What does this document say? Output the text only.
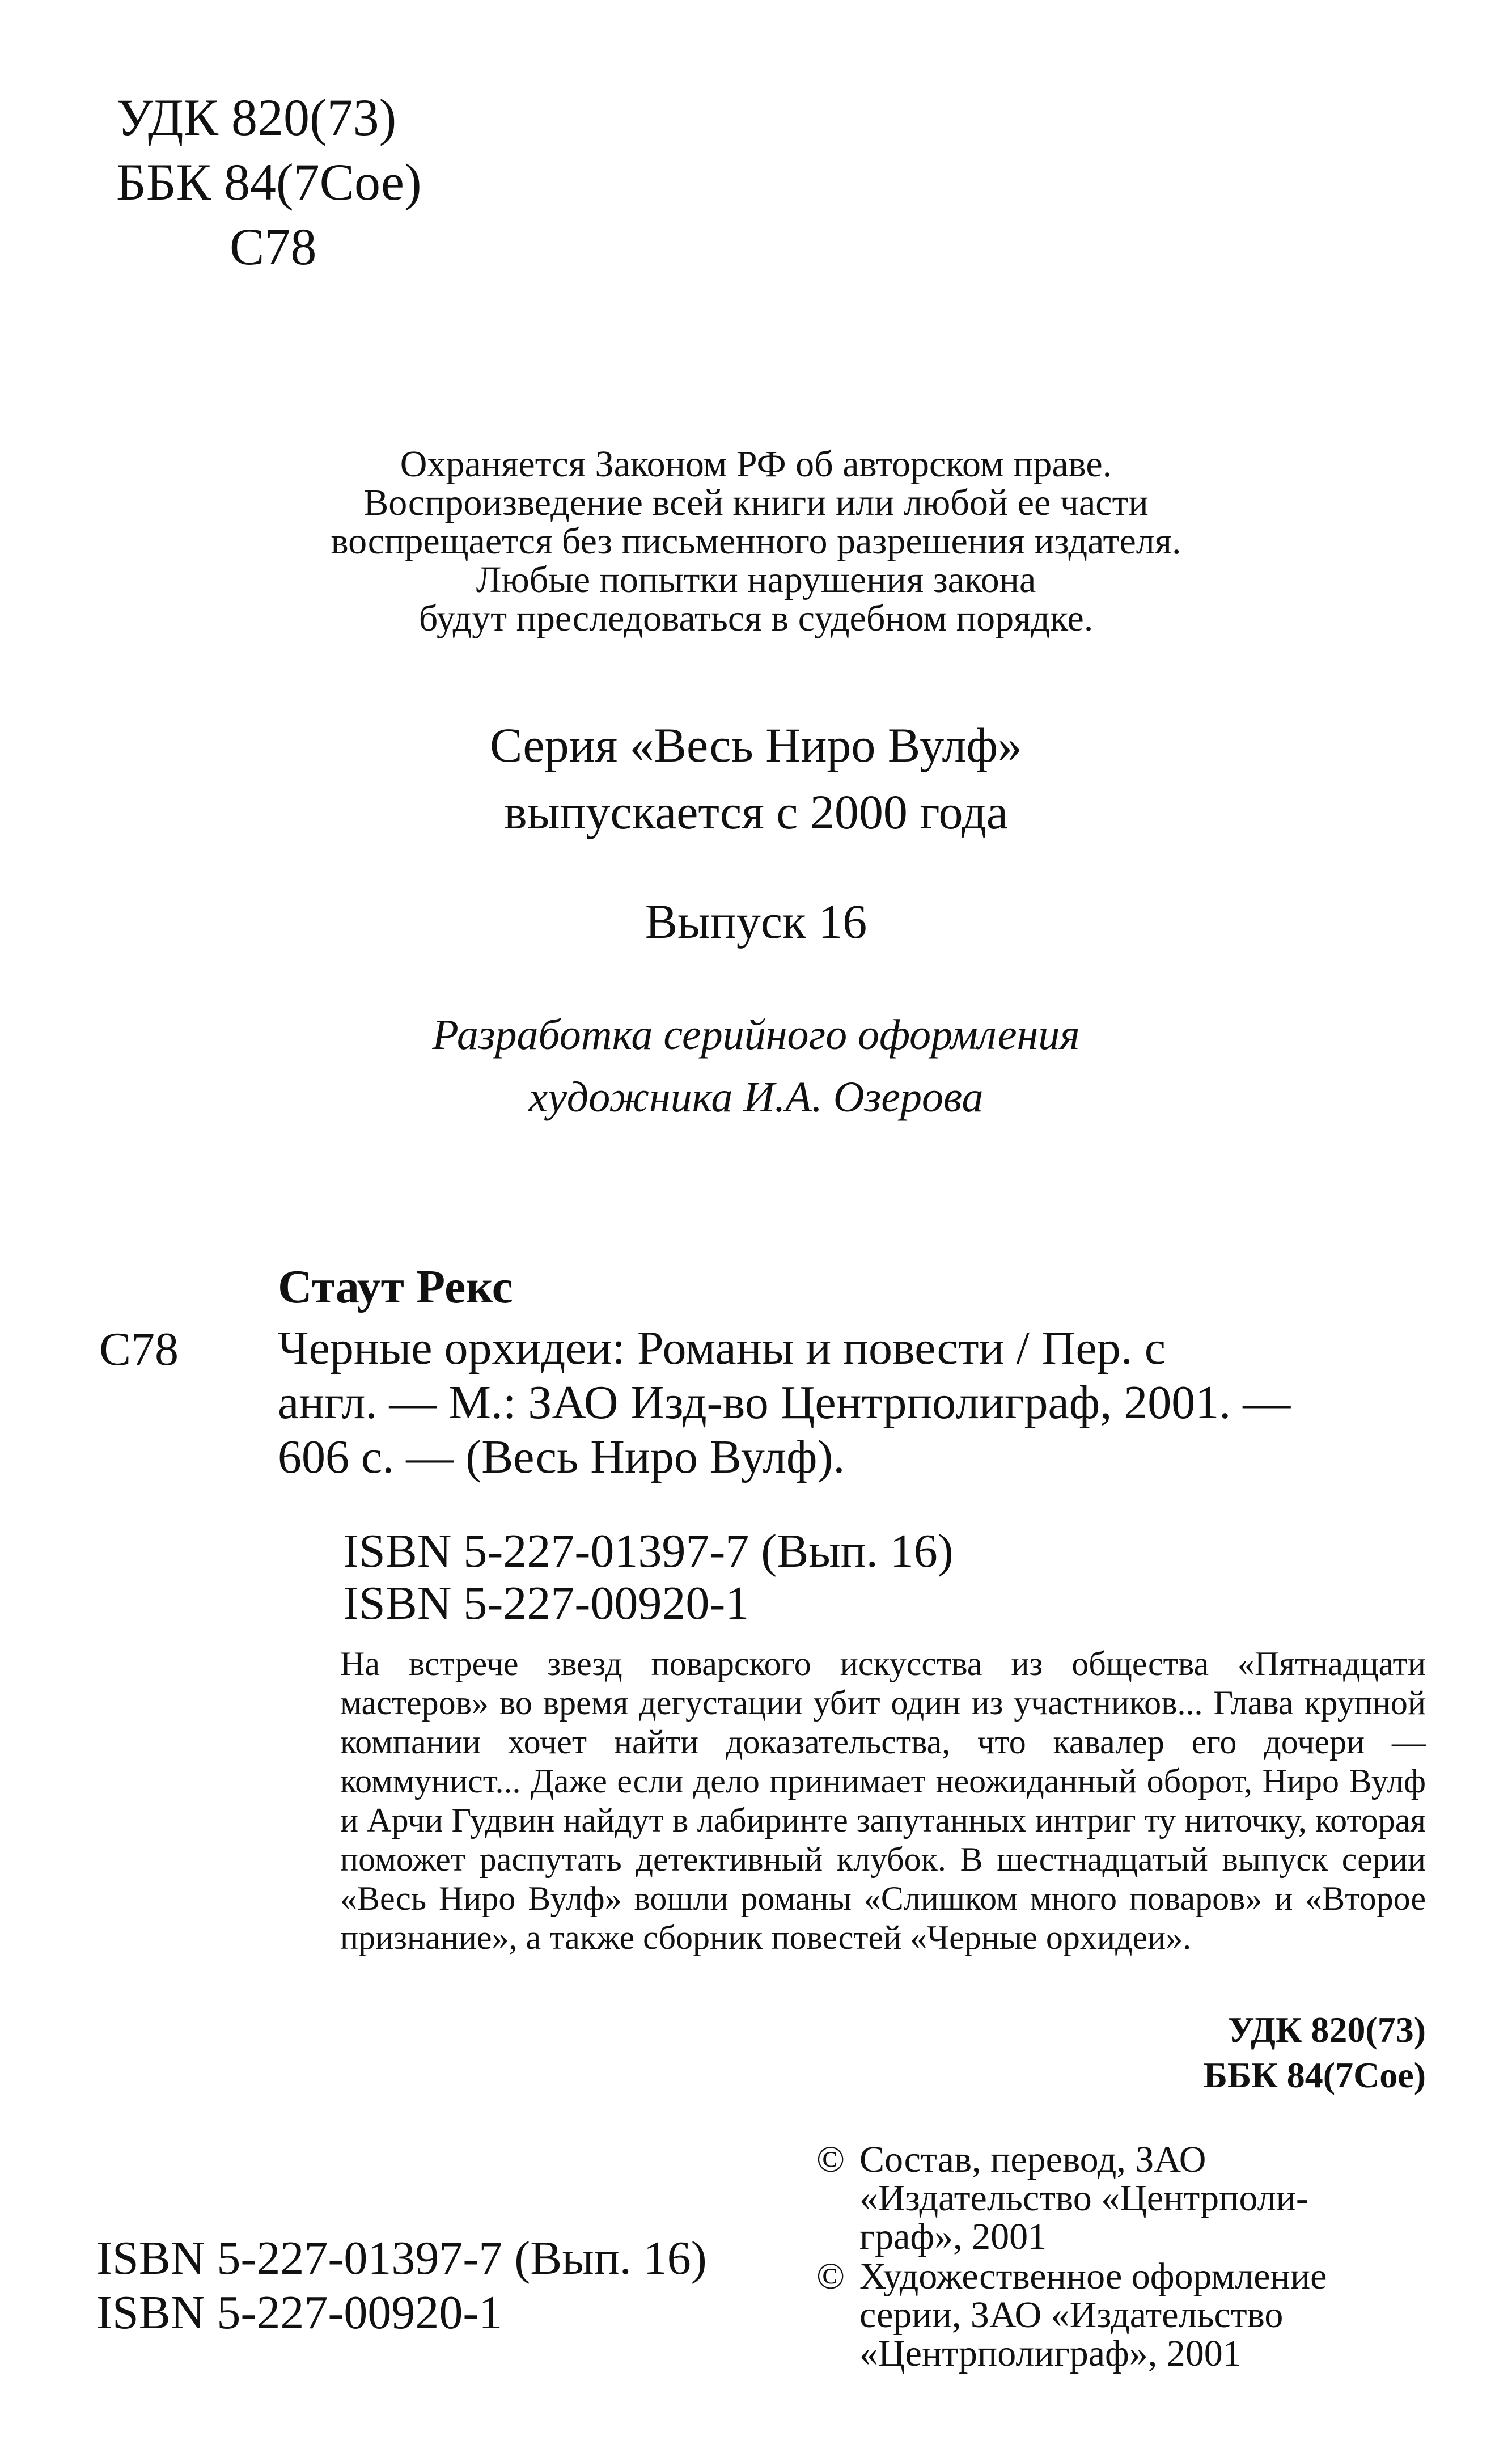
УДК 820(73)
ББК 84(7Сое)
С78
Охраняется Законом РФ об авторском праве.
Воспроизведение всей книги или любой ее части
воспрещается без письменного разрешения издателя.
Любые попытки нарушения закона
будут преследоваться в судебном порядке.
Серия «Весь Ниро Вулф»
выпускается с 2000 года
Выпуск 16
Разработка серийного оформления
художника И.А. Озерова
Стаут Рекс
С78 Черные орхидеи: Романы и повести / Пер. с
англ. — М.: ЗАО Изд-во Центрполиграф, 2001. —
606 с. — (Весь Ниро Вулф).
ISBN 5-227-01397-7 (Вып. 16)
ISBN 5-227-00920-1
На встрече звезд поварского искусства из общества «Пятнадцати мастеров» во время дегустации убит один из участников... Глава крупной компании хочет найти доказательства, что кавалер его дочери — коммунист... Даже если дело принимает неожиданный оборот, Ниро Вулф и Арчи Гудвин найдут в лабиринте запутанных интриг ту ниточку, которая поможет распутать детективный клубок. В шестнадцатый выпуск серии «Весь Ниро Вулф» вошли романы «Слишком много поваров» и «Второе признание», а также сборник повестей «Черные орхидеи».
УДК 820(73)
ББК 84(7Сое)
© Состав, перевод, ЗАО
«Издательство «Центрполи-
граф», 2001
© Художественное оформление
серии, ЗАО «Издательство
«Центрполиграф», 2001
ISBN 5-227-01397-7 (Вып. 16)
ISBN 5-227-00920-1
